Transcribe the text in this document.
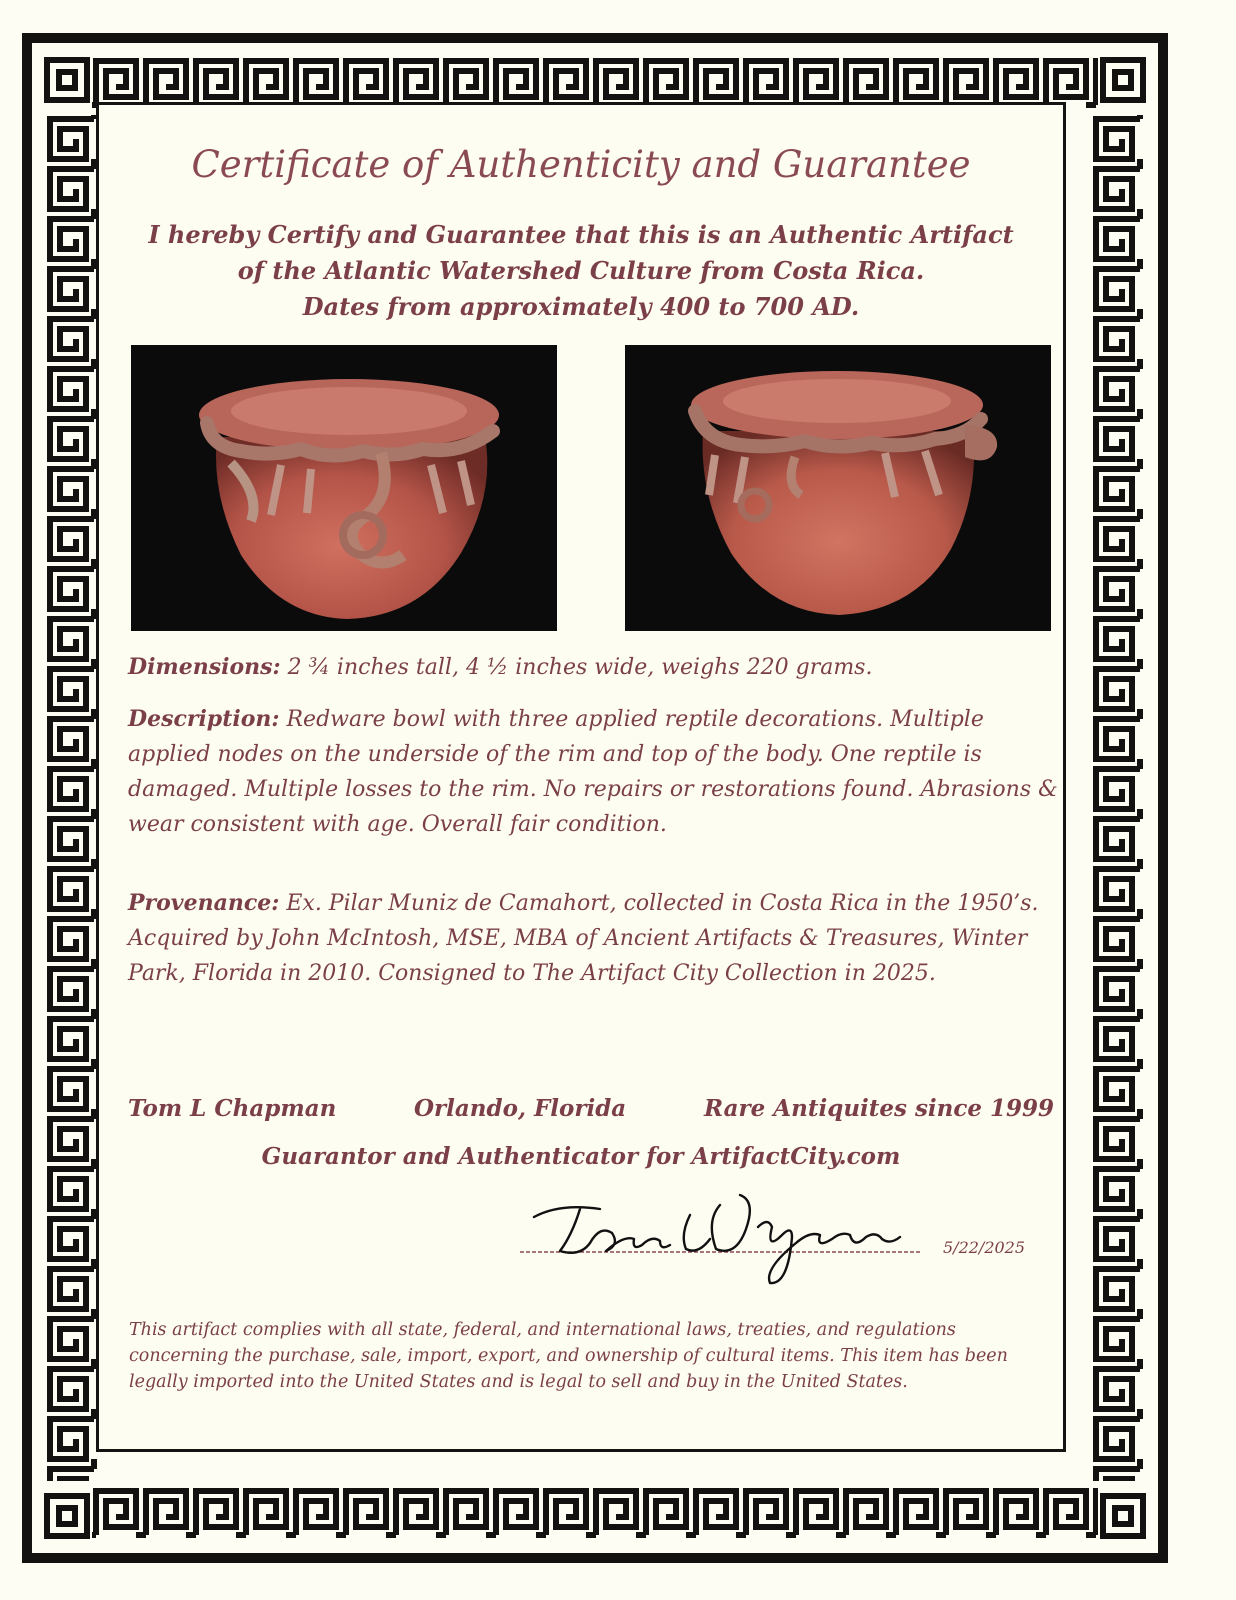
Certificate of Authenticity and Guarantee
I hereby Certify and Guarantee that this is an Authentic Artifact
of the Atlantic Watershed Culture from Costa Rica.
Dates from approximately 400 to 700 AD.
Dimensions: 2 ¾ inches tall, 4 ½ inches wide, weighs 220 grams.
Description: Redware bowl with three applied reptile decorations. Multiple applied nodes on the underside of the rim and top of the body. One reptile is damaged. Multiple losses to the rim. No repairs or restorations found. Abrasions & wear consistent with age. Overall fair condition.
Provenance: Ex. Pilar Muniz de Camahort, collected in Costa Rica in the 1950’s. Acquired by John McIntosh, MSE, MBA of Ancient Artifacts & Treasures, Winter Park, Florida in 2010. Consigned to The Artifact City Collection in 2025.
Tom L Chapman	Orlando, Florida	Rare Antiquites since 1999
Guarantor and Authenticator for ArtifactCity.com
5/22/2025
This artifact complies with all state, federal, and international laws, treaties, and regulations concerning the purchase, sale, import, export, and ownership of cultural items. This item has been legally imported into the United States and is legal to sell and buy in the United States.
